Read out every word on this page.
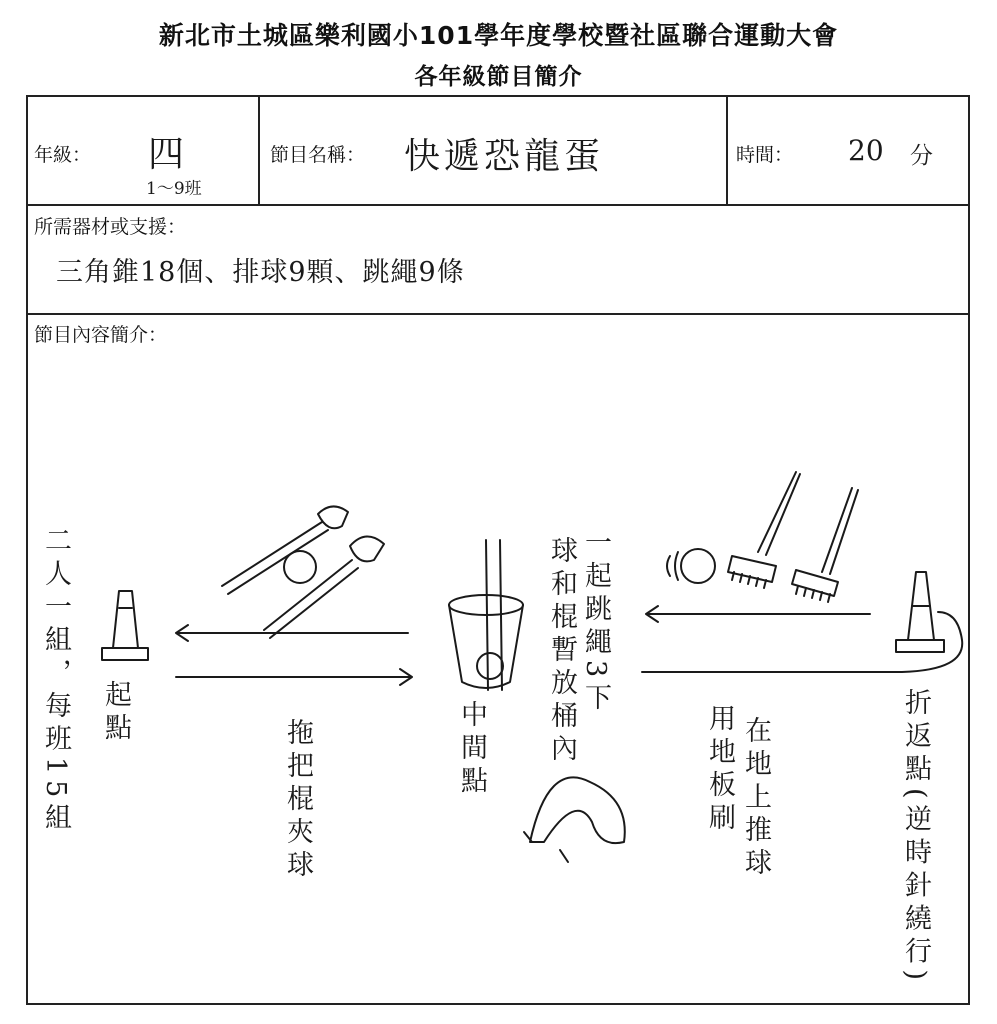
新北市土城區樂利國小101學年度學校暨社區聯合運動大會
各年級節目簡介
年級： 四
1～9班
節目名稱： 快遞恐龍蛋	時間： 20 分
所需器材或支援：
三角錐18個、排球9顆、跳繩9條
節目內容簡介：
二人一組，每班15組 起點
拖把棍夾球	中間點
一起跳繩3下
球和棍暫放桶內
用地板刷 在地上推球	折返點
(逆時針繞行)
